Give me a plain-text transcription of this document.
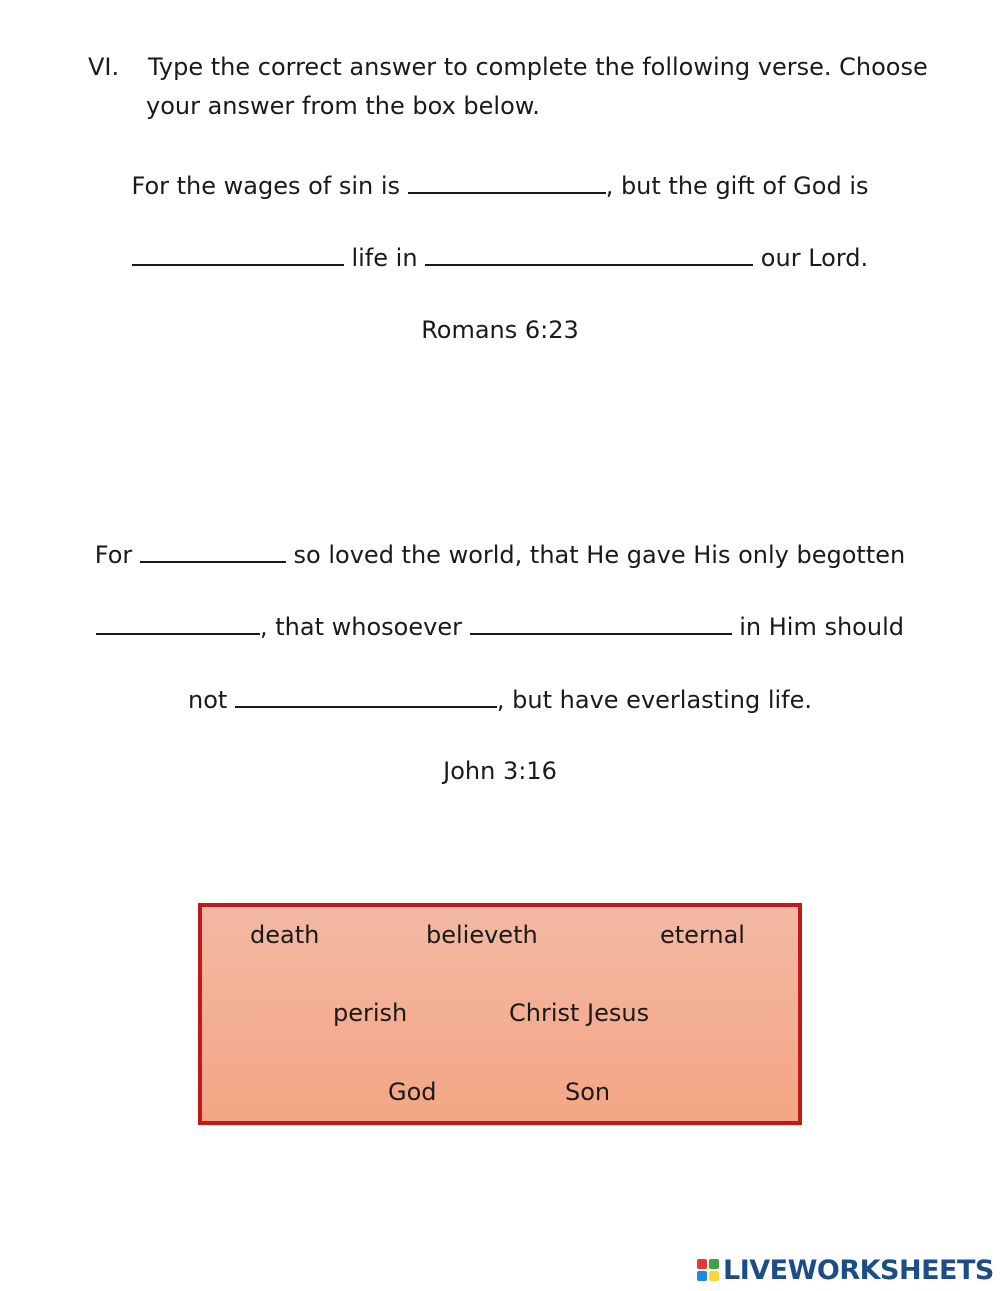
VI. Type the correct answer to complete the following verse. Choose
your answer from the box below.
For the wages of sin is	, but the gift of God is
life in	our Lord.
Romans 6:23
For	so loved the world, that He gave His only begotten
, that whosoever	in Him should
not	, but have everlasting life.
John 3:16
death	believeth	eternal
perish	Christ Jesus
God	Son
LIVEWORKSHEETS
